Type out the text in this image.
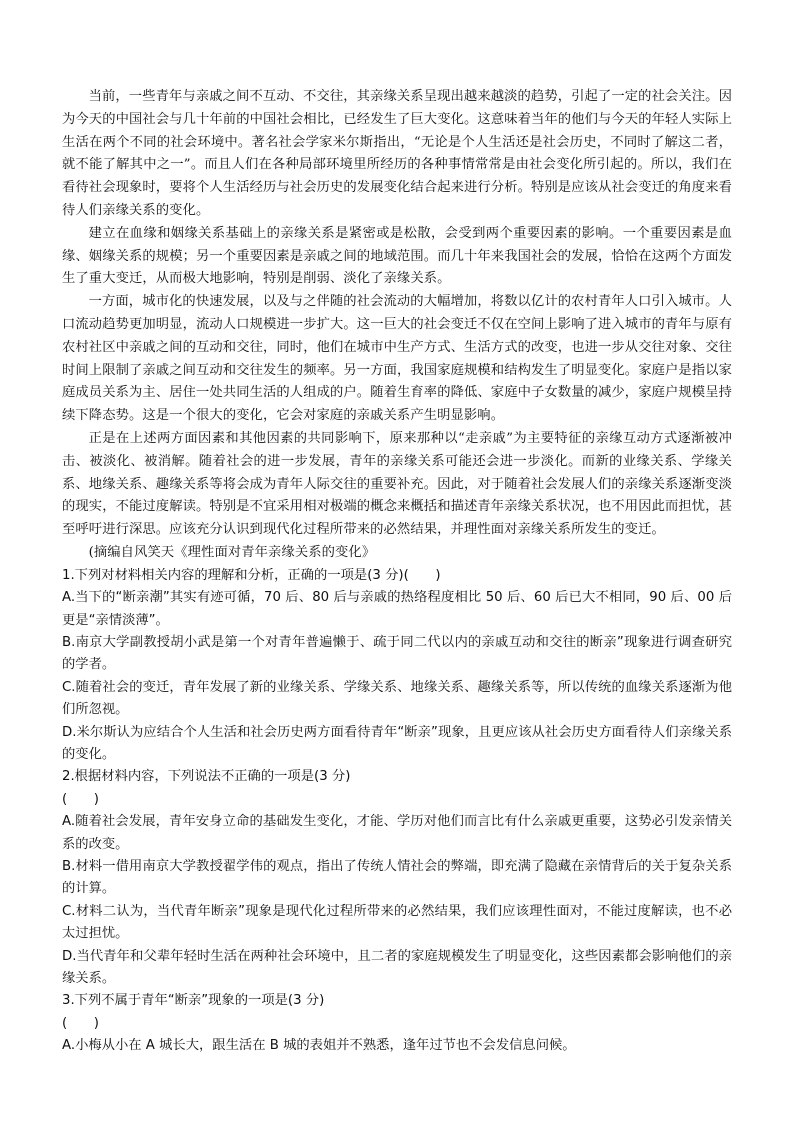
当前，一些青年与亲戚之间不互动、不交往，其亲缘关系呈现出越来越淡的趋势，引起了一定的社会关注。因为今天的中国社会与几十年前的中国社会相比，已经发生了巨大变化。这意味着当年的他们与今天的年轻人实际上生活在两个不同的社会环境中。著名社会学家米尔斯指出，“无论是个人生活还是社会历史，不同时了解这二者，就不能了解其中之一”。而且人们在各种局部环境里所经历的各种事情常常是由社会变化所引起的。所以，我们在看待社会现象时，要将个人生活经历与社会历史的发展变化结合起来进行分析。特别是应该从社会变迁的角度来看待人们亲缘关系的变化。

建立在血缘和姻缘关系基础上的亲缘关系是紧密或是松散，会受到两个重要因素的影响。一个重要因素是血缘、姻缘关系的规模；另一个重要因素是亲戚之间的地域范围。而几十年来我国社会的发展，恰恰在这两个方面发生了重大变迁，从而极大地影响，特别是削弱、淡化了亲缘关系。

一方面，城市化的快速发展，以及与之伴随的社会流动的大幅增加，将数以亿计的农村青年人口引入城市。人口流动趋势更加明显，流动人口规模进一步扩大。这一巨大的社会变迁不仅在空间上影响了进入城市的青年与原有农村社区中亲戚之间的互动和交往，同时，他们在城市中生产方式、生活方式的改变，也进一步从交往对象、交往时间上限制了亲戚之间互动和交往发生的频率。另一方面，我国家庭规模和结构发生了明显变化。家庭户是指以家庭成员关系为主、居住一处共同生活的人组成的户。随着生育率的降低、家庭中子女数量的减少，家庭户规模呈持续下降态势。这是一个很大的变化，它会对家庭的亲戚关系产生明显影响。

正是在上述两方面因素和其他因素的共同影响下，原来那种以“走亲戚”为主要特征的亲缘互动方式逐渐被冲击、被淡化、被消解。随着社会的进一步发展，青年的亲缘关系可能还会进一步淡化。而新的业缘关系、学缘关系、地缘关系、趣缘关系等将会成为青年人际交往的重要补充。因此，对于随着社会发展人们的亲缘关系逐渐变淡的现实，不能过度解读。特别是不宜采用相对极端的概念来概括和描述青年亲缘关系状况，也不用因此而担忧，甚至呼吁进行深思。应该充分认识到现代化过程所带来的必然结果，并理性面对亲缘关系所发生的变迁。

(摘编自风笑天《理性面对青年亲缘关系的变化》

1.下列对材料相关内容的理解和分析，正确的一项是(3 分)(　　)
A.当下的“断亲潮”其实有迹可循，70 后、80 后与亲戚的热络程度相比 50 后、60 后已大不相同，90 后、00 后更是“亲情淡薄”。
B.南京大学副教授胡小武是第一个对青年普遍懒于、疏于同二代以内的亲戚互动和交往的断亲”现象进行调查研究的学者。
C.随着社会的变迁，青年发展了新的业缘关系、学缘关系、地缘关系、趣缘关系等，所以传统的血缘关系逐渐为他们所忽视。
D.米尔斯认为应结合个人生活和社会历史两方面看待青年“断亲”现象，且更应该从社会历史方面看待人们亲缘关系的变化。
2.根据材料内容，下列说法不正确的一项是(3 分)
(　　)
A.随着社会发展，青年安身立命的基础发生变化，才能、学历对他们而言比有什么亲戚更重要，这势必引发亲情关系的改变。
B.材料一借用南京大学教授翟学伟的观点，指出了传统人情社会的弊端，即充满了隐藏在亲情背后的关于复杂关系的计算。
C.材料二认为，当代青年断亲”现象是现代化过程所带来的必然结果，我们应该理性面对，不能过度解读，也不必太过担忧。
D.当代青年和父辈年轻时生活在两种社会环境中，且二者的家庭规模发生了明显变化，这些因素都会影响他们的亲缘关系。
3.下列不属于青年“断亲”现象的一项是(3 分)
(　　)
A.小梅从小在 A 城长大，跟生活在 B 城的表姐并不熟悉，逢年过节也不会发信息问候。
